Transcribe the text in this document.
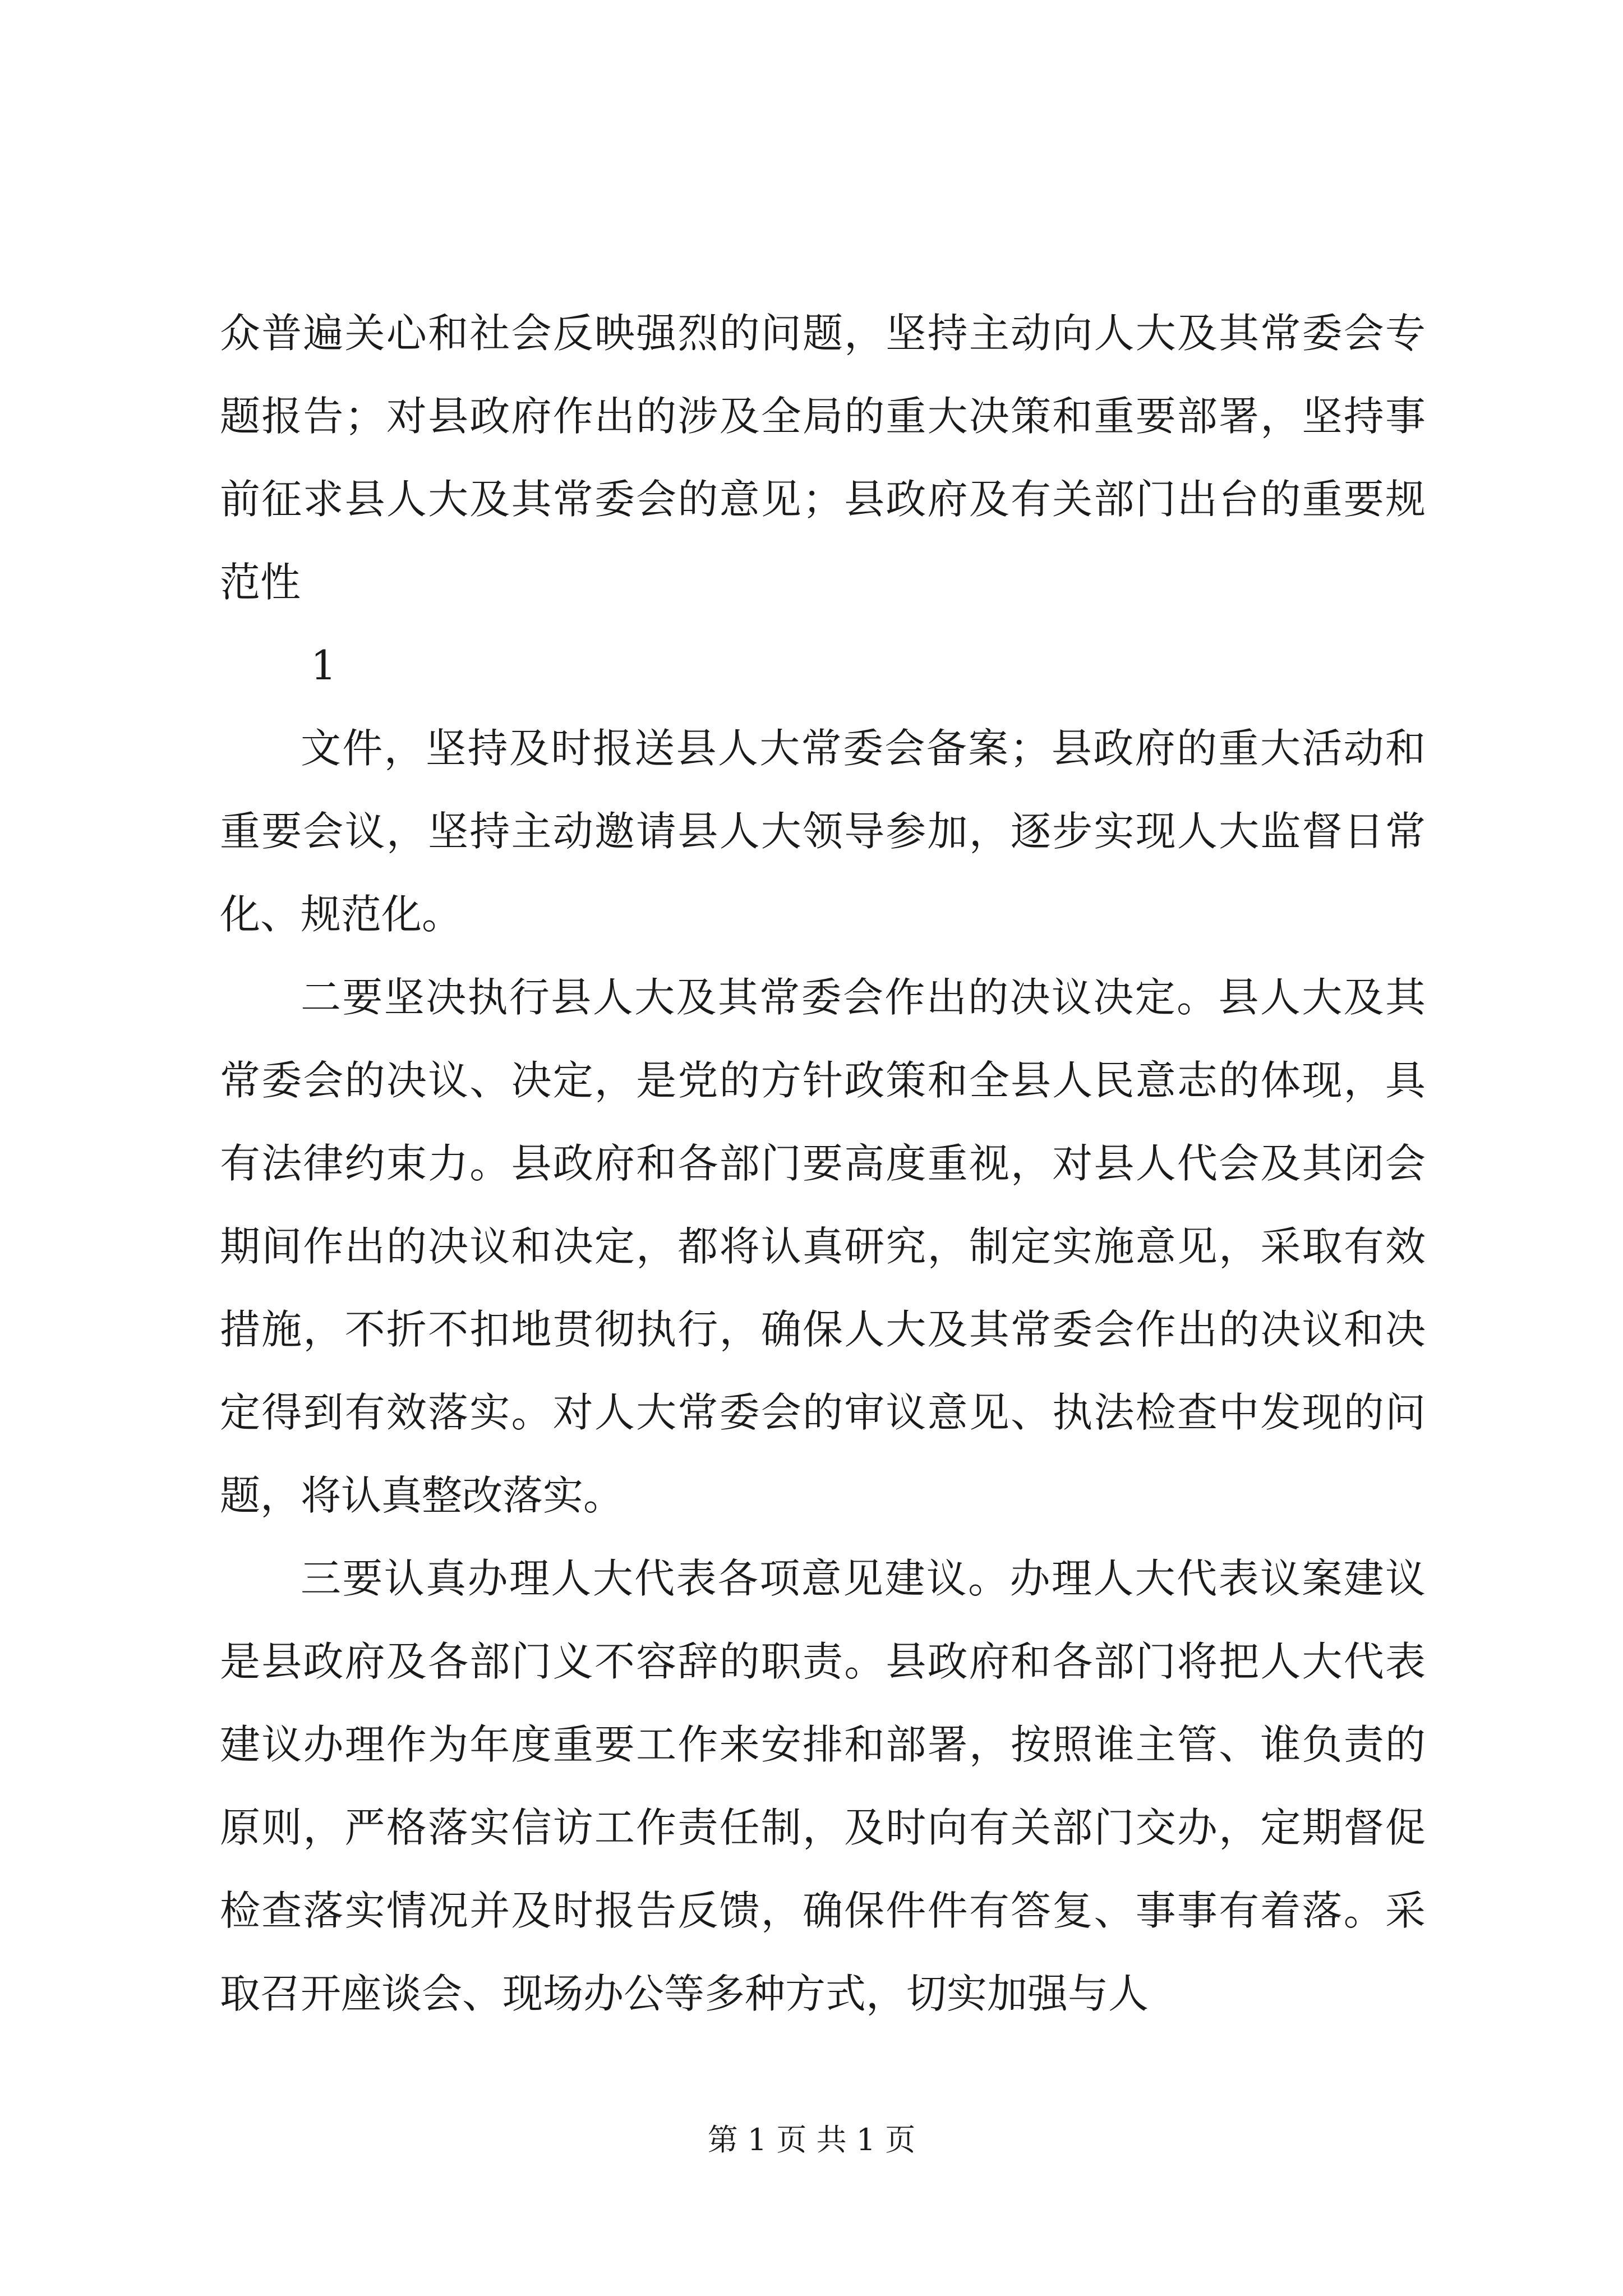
众普遍关心和社会反映强烈的问题，坚持主动向人大及其常委会专题报告；对县政府作出的涉及全局的重大决策和重要部署，坚持事前征求县人大及其常委会的意见；县政府及有关部门出台的重要规范性

1

文件，坚持及时报送县人大常委会备案；县政府的重大活动和重要会议，坚持主动邀请县人大领导参加，逐步实现人大监督日常化、规范化。

二要坚决执行县人大及其常委会作出的决议决定。县人大及其常委会的决议、决定，是党的方针政策和全县人民意志的体现，具有法律约束力。县政府和各部门要高度重视，对县人代会及其闭会期间作出的决议和决定，都将认真研究，制定实施意见，采取有效措施，不折不扣地贯彻执行，确保人大及其常委会作出的决议和决定得到有效落实。对人大常委会的审议意见、执法检查中发现的问题，将认真整改落实。

三要认真办理人大代表各项意见建议。办理人大代表议案建议是县政府及各部门义不容辞的职责。县政府和各部门将把人大代表建议办理作为年度重要工作来安排和部署，按照谁主管、谁负责的原则，严格落实信访工作责任制，及时向有关部门交办，定期督促检查落实情况并及时报告反馈，确保件件有答复、事事有着落。采取召开座谈会、现场办公等多种方式，切实加强与人

第 1 页 共 1 页
